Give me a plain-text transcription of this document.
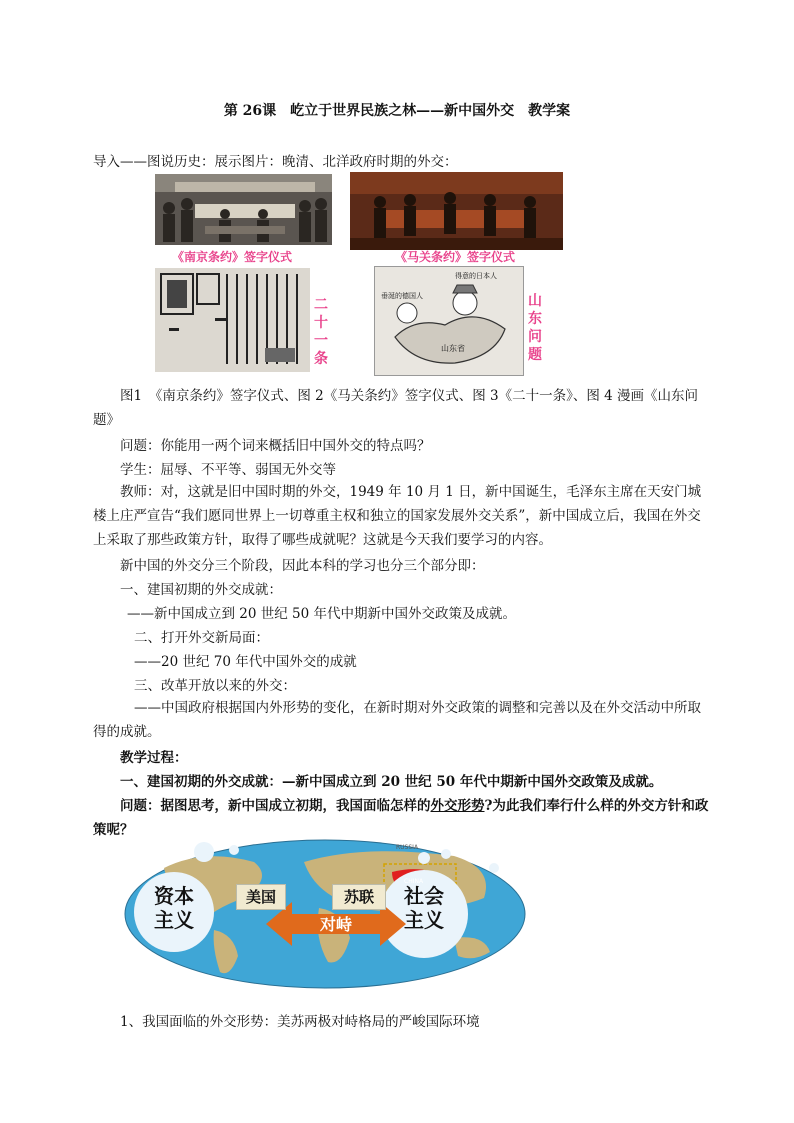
第 26课　屹立于世界民族之林——新中国外交　教学案
导入——图说历史：展示图片：晚清、北洋政府时期的外交：
《南京条约》签字仪式	《马关条约》签字仪式
二
十
一
条
垂涎的德国人
得意的日本人
山东省
山
东
问
题
图1　《南京条约》签字仪式、图 2《马关条约》签字仪式、图 3《二十一条》、图 4 漫画《山东问题》
问题：你能用一两个词来概括旧中国外交的特点吗？
学生：屈辱、不平等、弱国无外交等
教师：对，这就是旧中国时期的外交，1949 年 10 月 1 日，新中国诞生，毛泽东主席在天安门城楼上庄严宣告“我们愿同世界上一切尊重主权和独立的国家发展外交关系”，新中国成立后，我国在外交上采取了那些政策方针，取得了哪些成就呢？这就是今天我们要学习的内容。
新中国的外交分三个阶段，因此本科的学习也分三个部分即：
一、建国初期的外交成就：
——新中国成立到 20 世纪 50 年代中期新中国外交政策及成就。
二、打开外交新局面：
——20 世纪 70 年代中国外交的成就
三、改革开放以来的外交：
——中国政府根据国内外形势的变化，在新时期对外交政策的调整和完善以及在外交活动中所取得的成就。
教学过程：
一、建国初期的外交成就：—新中国成立到 20 世纪 50 年代中期新中国外交政策及成就。
问题：据图思考，新中国成立初期，我国面临怎样的外交形势?为此我们奉行什么样的外交方针和政策呢？
RUSSIA
CHINA
美国	苏联
资本
主义
社会
主义
对峙
1、我国面临的外交形势：美苏两极对峙格局的严峻国际环境
